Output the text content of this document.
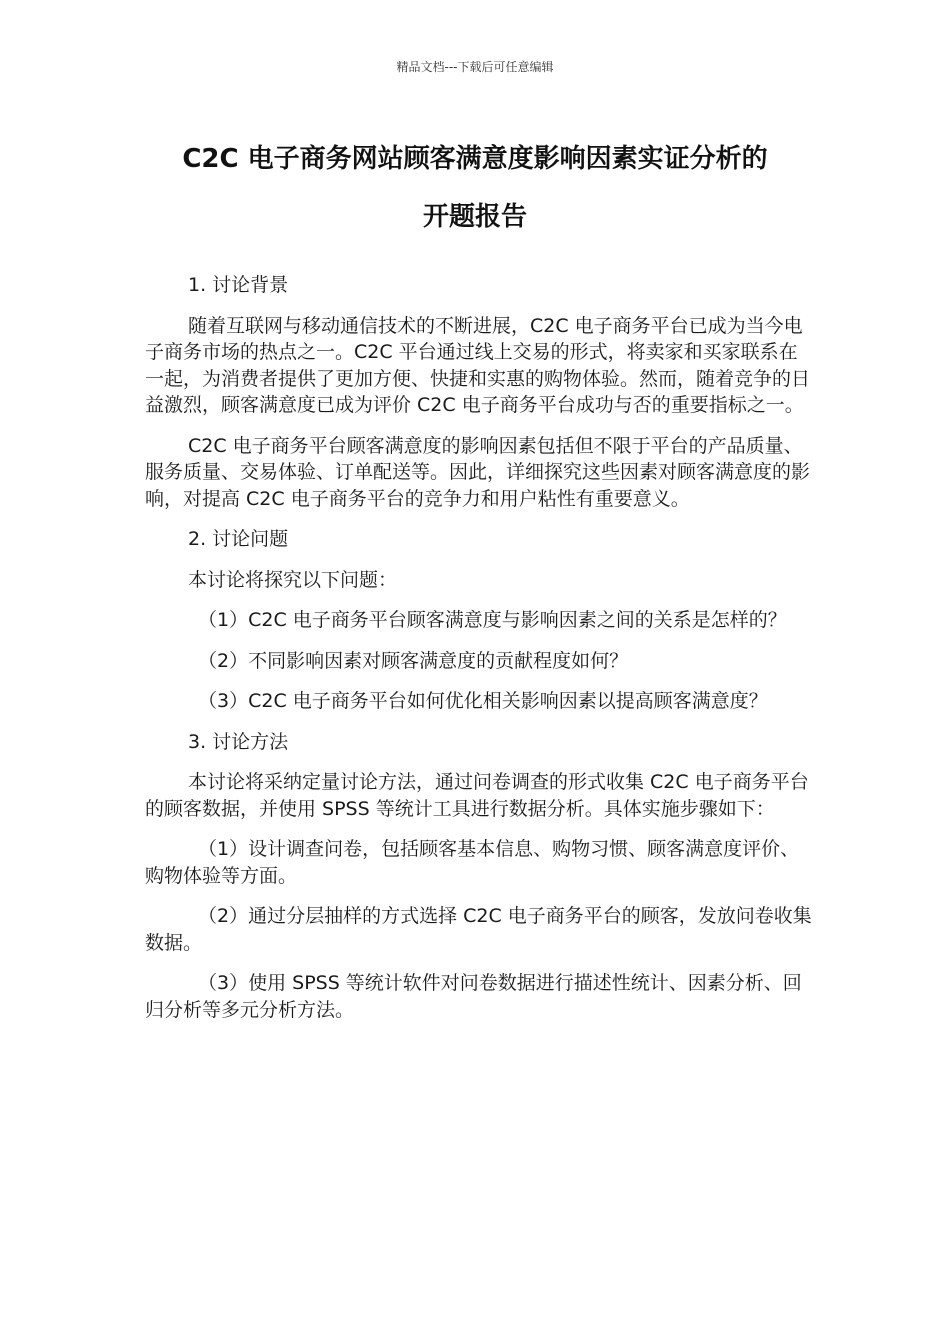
精品文档---下载后可任意编辑
C2C 电子商务网站顾客满意度影响因素实证分析的
开题报告

1. 讨论背景

随着互联网与移动通信技术的不断进展，C2C 电子商务平台已成为当今电子商务市场的热点之一。C2C 平台通过线上交易的形式，将卖家和买家联系在一起，为消费者提供了更加方便、快捷和实惠的购物体验。然而，随着竞争的日益激烈，顾客满意度已成为评价 C2C 电子商务平台成功与否的重要指标之一。

C2C 电子商务平台顾客满意度的影响因素包括但不限于平台的产品质量、服务质量、交易体验、订单配送等。因此，详细探究这些因素对顾客满意度的影响，对提高 C2C 电子商务平台的竞争力和用户粘性有重要意义。

2. 讨论问题

本讨论将探究以下问题：

（1）C2C 电子商务平台顾客满意度与影响因素之间的关系是怎样的？

（2）不同影响因素对顾客满意度的贡献程度如何？

（3）C2C 电子商务平台如何优化相关影响因素以提高顾客满意度？

3. 讨论方法

本讨论将采纳定量讨论方法，通过问卷调查的形式收集 C2C 电子商务平台的顾客数据，并使用 SPSS 等统计工具进行数据分析。具体实施步骤如下：

（1）设计调查问卷，包括顾客基本信息、购物习惯、顾客满意度评价、购物体验等方面。

（2）通过分层抽样的方式选择 C2C 电子商务平台的顾客，发放问卷收集数据。

（3）使用 SPSS 等统计软件对问卷数据进行描述性统计、因素分析、回归分析等多元分析方法。
